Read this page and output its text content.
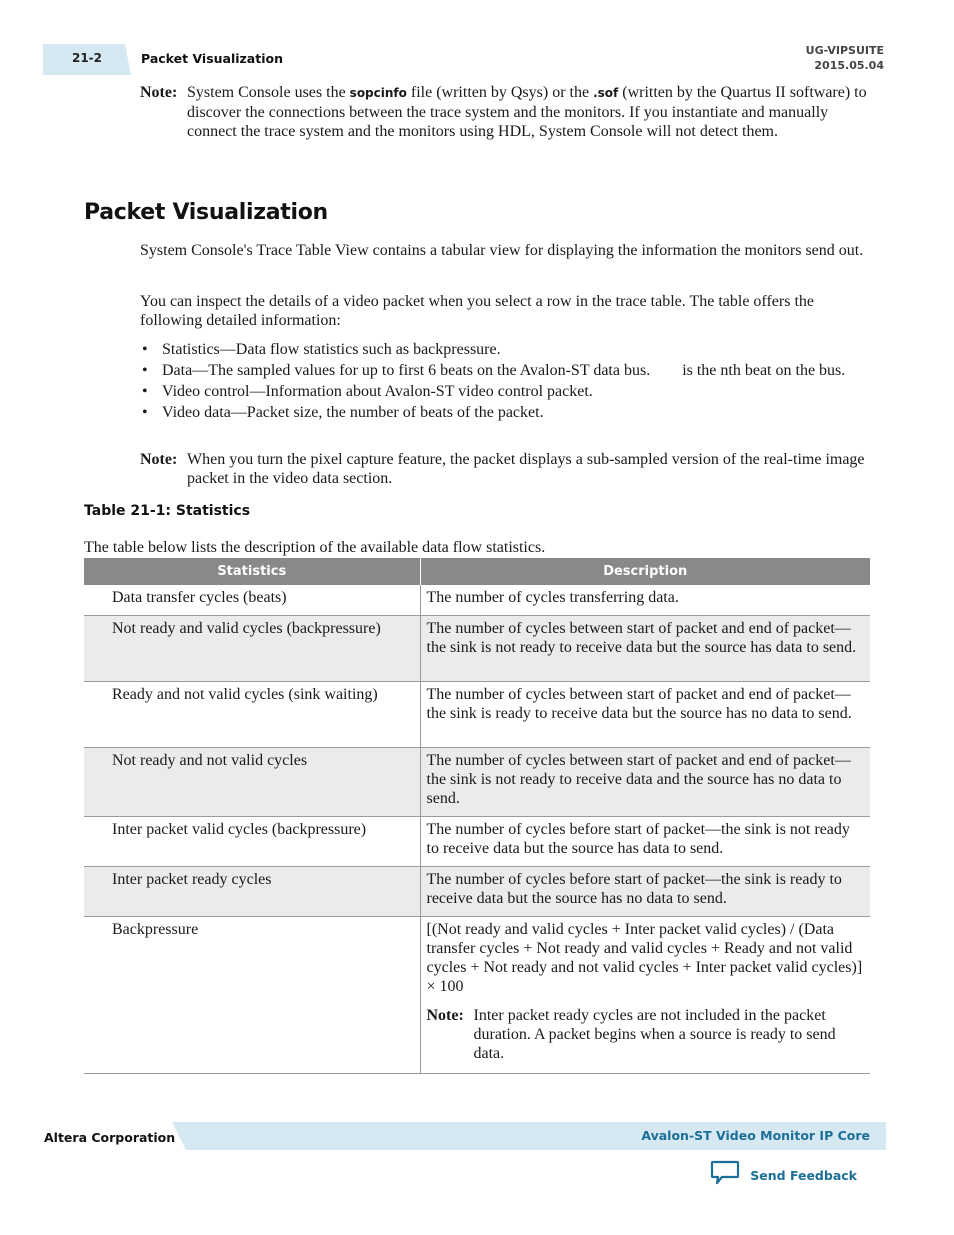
21-2	Packet Visualization
UG-VIPSUITE
2015.05.04
Note: System Console uses the sopcinfo file (written by Qsys) or the .sof (written by the Quartus II software) to discover the connections between the trace system and the monitors. If you instantiate and manually connect the trace system and the monitors using HDL, System Console will not detect them.
Packet Visualization
System Console's Trace Table View contains a tabular view for displaying the information the monitors send out.
You can inspect the details of a video packet when you select a row in the trace table. The table offers the following detailed information:
• Statistics—Data flow statistics such as backpressure.
• Data—The sampled values for up to first 6 beats on the Avalon-ST data bus.        is the nth beat on the bus.
• Video control—Information about Avalon-ST video control packet.
• Video data—Packet size, the number of beats of the packet.
Note: When you turn the pixel capture feature, the packet displays a sub-sampled version of the real-time image packet in the video data section.
Table 21-1: Statistics
The table below lists the description of the available data flow statistics.
Statistics	Description
Data transfer cycles (beats)	The number of cycles transferring data.
Not ready and valid cycles (backpressure)	The number of cycles between start of packet and end of packet—the sink is not ready to receive data but the source has data to send.
Ready and not valid cycles (sink waiting)	The number of cycles between start of packet and end of packet—the sink is ready to receive data but the source has no data to send.
Not ready and not valid cycles	The number of cycles between start of packet and end of packet— the sink is not ready to receive data and the source has no data to send.
Inter packet valid cycles (backpressure)	The number of cycles before start of packet—the sink is not ready to receive data but the source has data to send.
Inter packet ready cycles	The number of cycles before start of packet—the sink is ready to receive data but the source has no data to send.
Backpressure	[(Not ready and valid cycles + Inter packet valid cycles) / (Data transfer cycles + Not ready and valid cycles + Ready and not valid cycles + Not ready and not valid cycles + Inter packet valid cycles)] × 100
Note: Inter packet ready cycles are not included in the packet duration. A packet begins when a source is ready to send data.
Altera Corporation	Avalon-ST Video Monitor IP Core
Send Feedback
